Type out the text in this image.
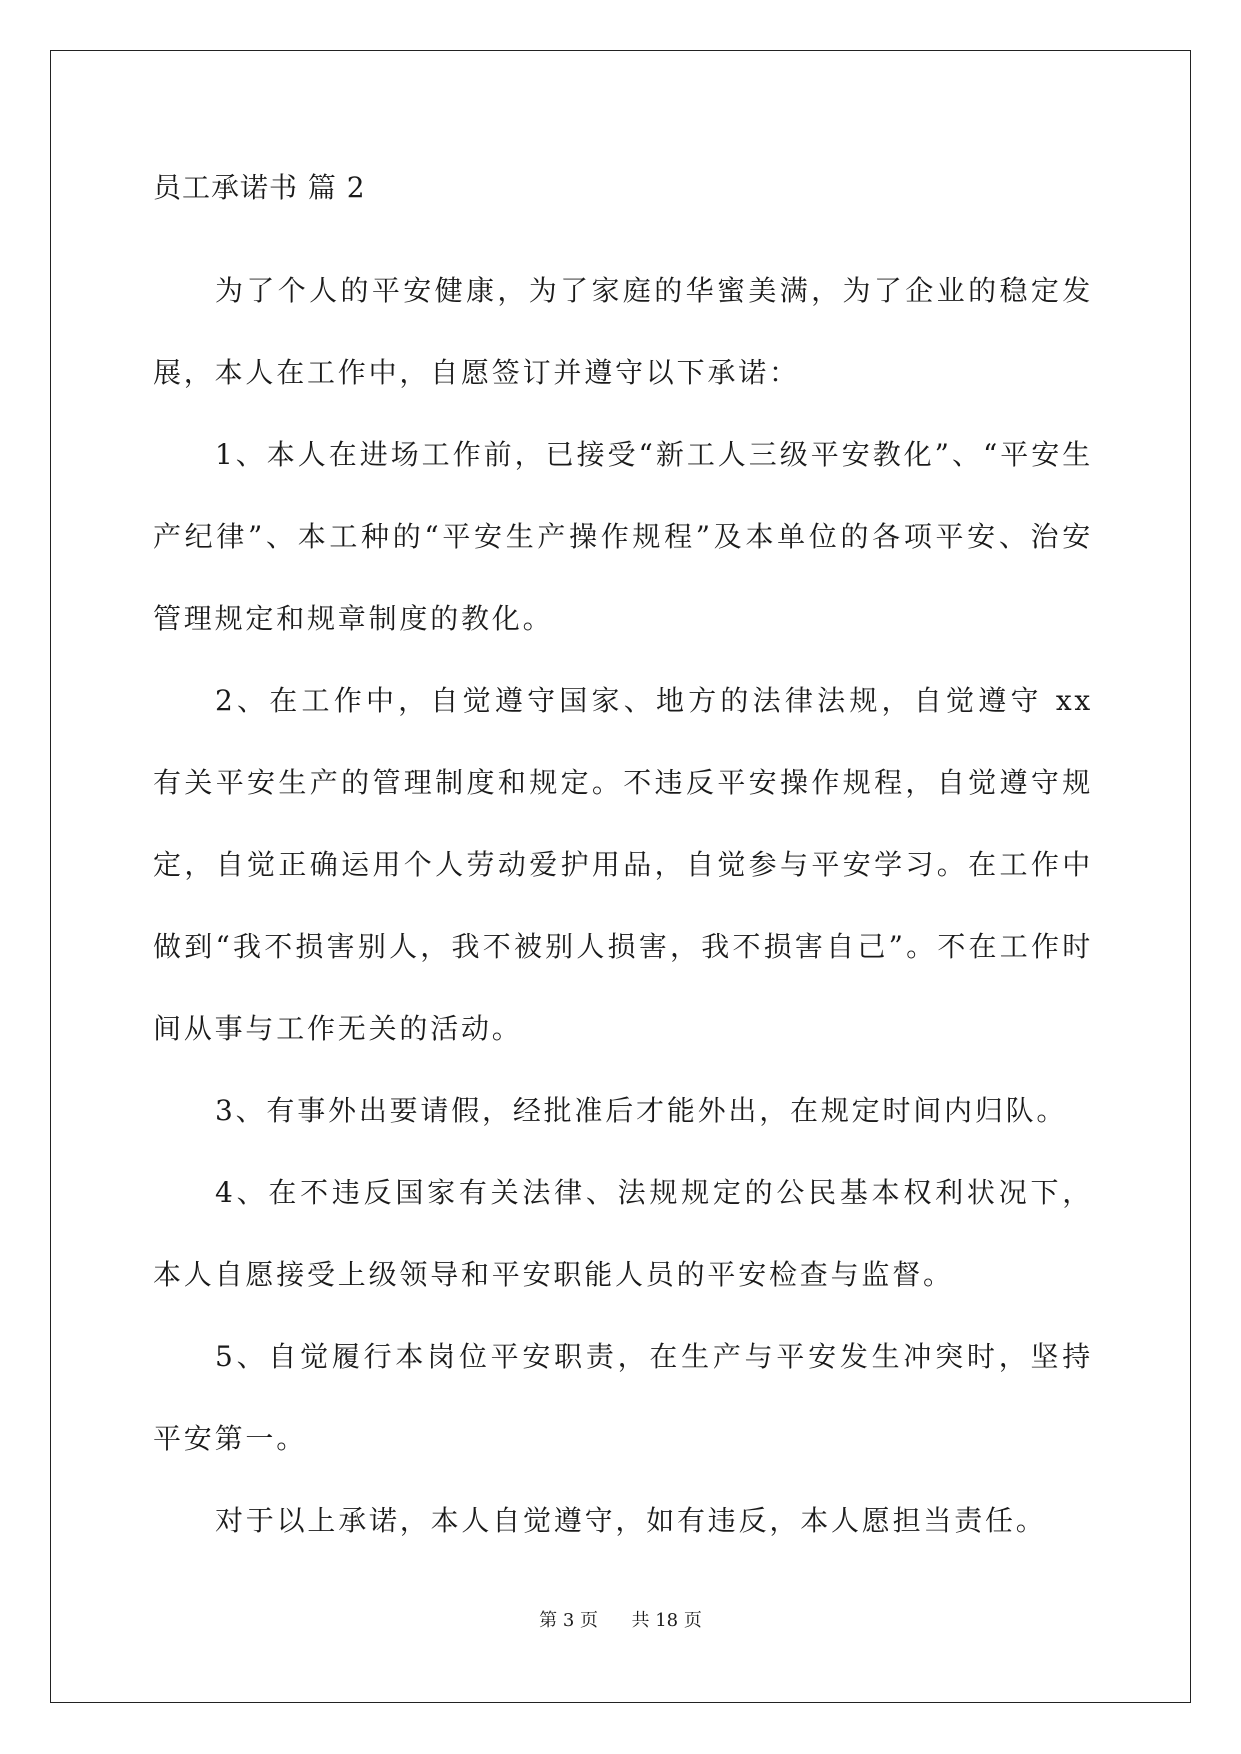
员工承诺书 篇 2

为了个人的平安健康，为了家庭的华蜜美满，为了企业的稳定发展，本人在工作中，自愿签订并遵守以下承诺：

1、本人在进场工作前，已接受“新工人三级平安教化”、“平安生产纪律”、本工种的“平安生产操作规程”及本单位的各项平安、治安管理规定和规章制度的教化。

2、在工作中，自觉遵守国家、地方的法律法规，自觉遵守 xx 有关平安生产的管理制度和规定。不违反平安操作规程，自觉遵守规定，自觉正确运用个人劳动爱护用品，自觉参与平安学习。在工作中做到“我不损害别人，我不被别人损害，我不损害自己”。不在工作时间从事与工作无关的活动。

3、有事外出要请假，经批准后才能外出，在规定时间内归队。

4、在不违反国家有关法律、法规规定的公民基本权利状况下，本人自愿接受上级领导和平安职能人员的平安检查与监督。

5、自觉履行本岗位平安职责，在生产与平安发生冲突时，坚持平安第一。

对于以上承诺，本人自觉遵守，如有违反，本人愿担当责任。

第 3 页 共 18 页
